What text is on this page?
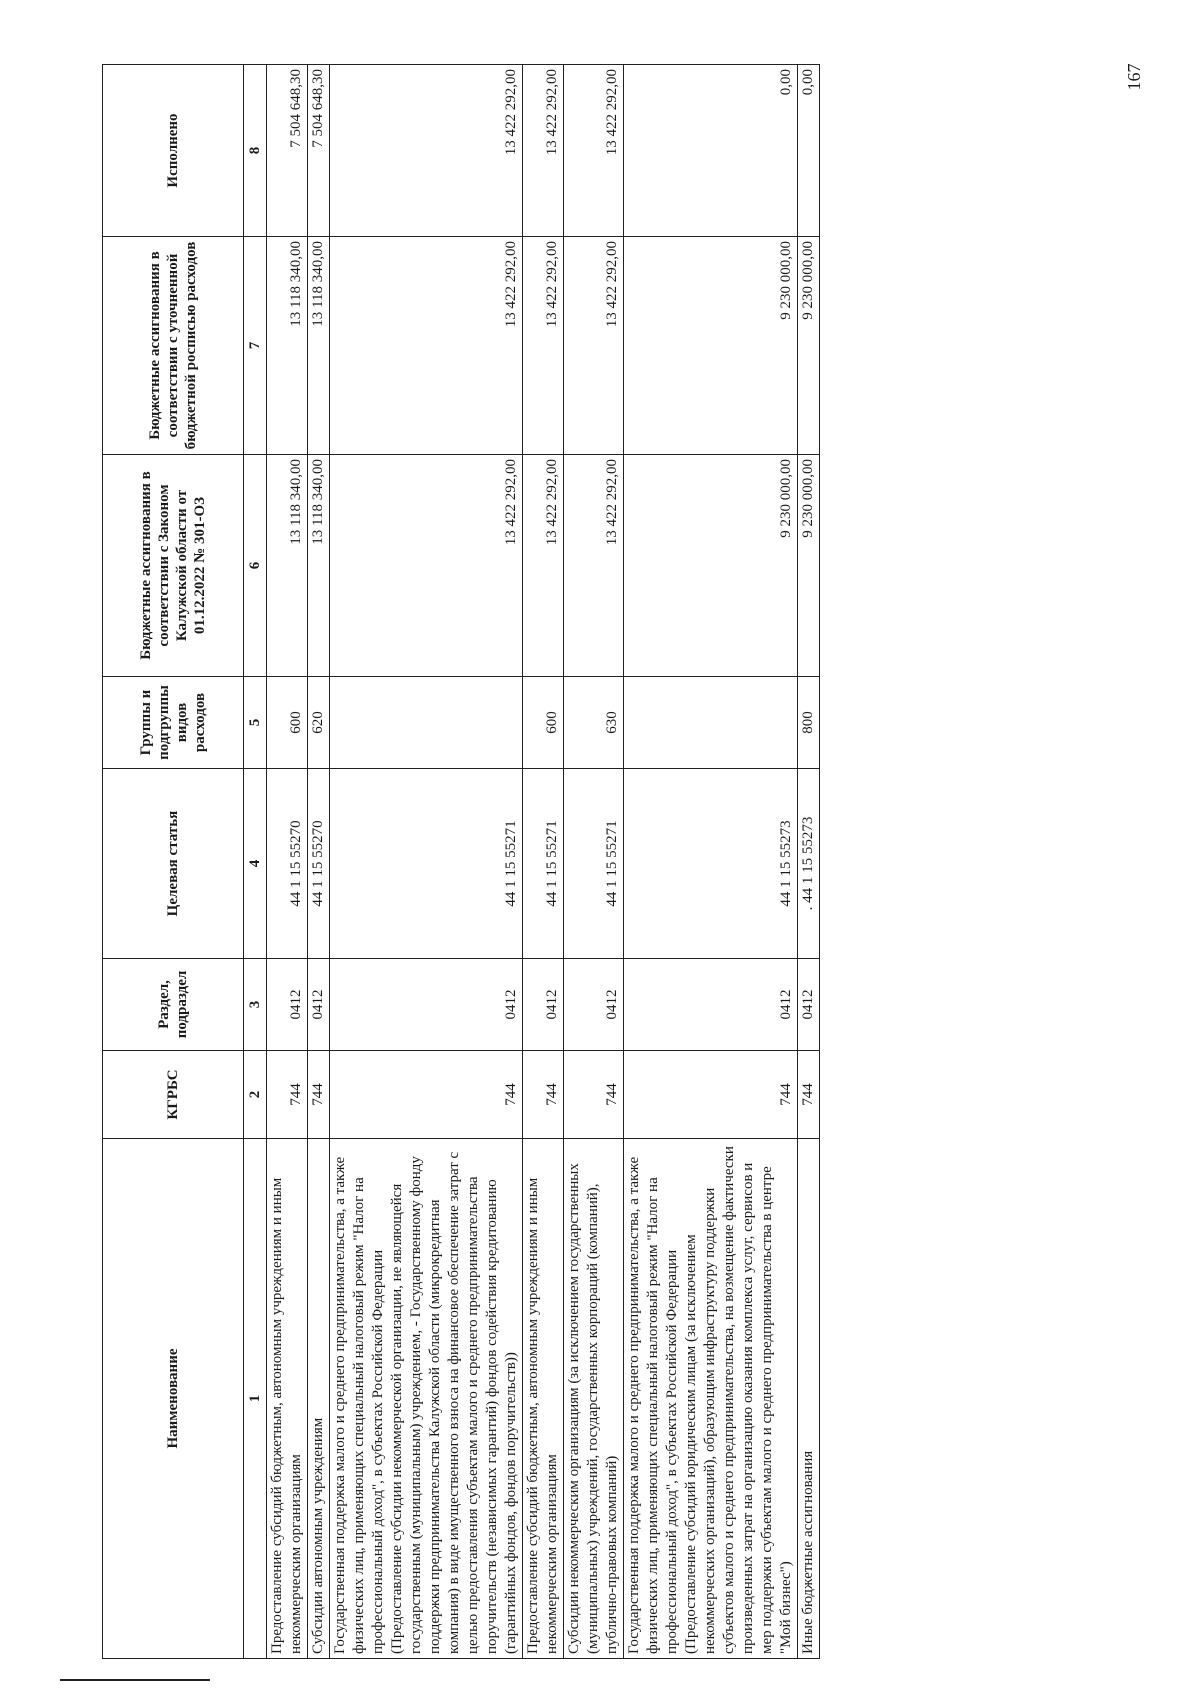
Наименование	КГРБС	Раздел, подраздел	Целевая статья	Группы и подгруппы видов расходов	Бюджетные ассигнования в соответствии с Законом Калужской области от 01.12.2022 № 301-ОЗ	Бюджетные ассигнования в соответствии с уточненной бюджетной росписью расходов	Исполнено
1	2	3	4	5	6	7	8
Предоставление субсидий бюджетным, автономным учреждениям и иным некоммерческим организациям	744	0412	44 1 15 55270	600	13 118 340,00	13 118 340,00	7 504 648,30
Субсидии автономным учреждениям	744	0412	44 1 15 55270	620	13 118 340,00	13 118 340,00	7 504 648,30
Государственная поддержка малого и среднего предпринимательства, а также физических лиц, применяющих специальный налоговый режим "Налог на профессиональный доход", в субъектах Российской Федерации (Предоставление субсидии некоммерческой организации, не являющейся государственным (муниципальным) учреждением, - Государственному фонду поддержки предпринимательства Калужской области (микрокредитная компания) в виде имущественного взноса на финансовое обеспечение затрат с целью предоставления субъектам малого и среднего предпринимательства поручительств (независимых гарантий) фондов содействия кредитованию (гарантийных фондов, фондов поручительств))	744	0412	44 1 15 55271		13 422 292,00	13 422 292,00	13 422 292,00
Предоставление субсидий бюджетным, автономным учреждениям и иным некоммерческим организациям	744	0412	44 1 15 55271	600	13 422 292,00	13 422 292,00	13 422 292,00
Субсидии некоммерческим организациям (за исключением государственных (муниципальных) учреждений, государственных корпораций (компаний), публично-правовых компаний)	744	0412	44 1 15 55271	630	13 422 292,00	13 422 292,00	13 422 292,00
Государственная поддержка малого и среднего предпринимательства, а также физических лиц, применяющих специальный налоговый режим "Налог на профессиональный доход", в субъектах Российской Федерации (Предоставление субсидий юридическим лицам (за исключением некоммерческих организаций), образующим инфраструктуру поддержки субъектов малого и среднего предпринимательства, на возмещение фактически произведенных затрат на организацию оказания комплекса услуг, сервисов и мер поддержки субъектам малого и среднего предпринимательства в центре "Мой бизнес")	744	0412	44 1 15 55273		9 230 000,00	9 230 000,00	0,00
Иные бюджетные ассигнования	744	0412	. 44 1 15 55273	800	9 230 000,00	9 230 000,00	0,00	167
